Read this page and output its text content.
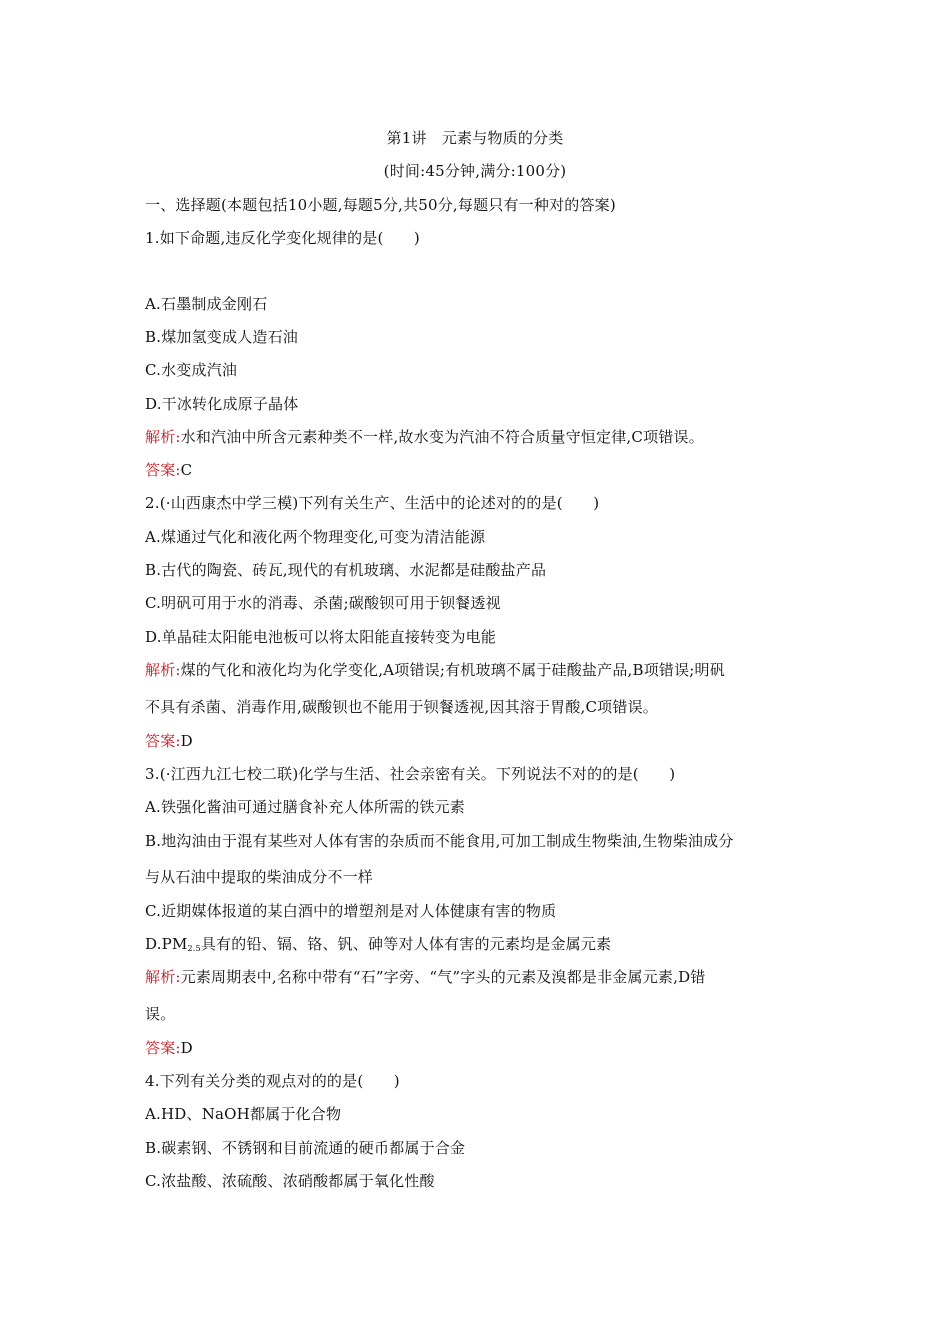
第1讲　元素与物质的分类
(时间:45分钟,满分:100分)
一、选择题(本题包括10小题,每题5分,共50分,每题只有一种对的答案)
1.如下命题,违反化学变化规律的是(　　)
A.石墨制成金刚石
B.煤加氢变成人造石油
C.水变成汽油
D.干冰转化成原子晶体
解析:水和汽油中所含元素种类不一样,故水变为汽油不符合质量守恒定律,C项错误。
答案:C
2.(·山西康杰中学三模)下列有关生产、生活中的论述对的的是(　　)
A.煤通过气化和液化两个物理变化,可变为清洁能源
B.古代的陶瓷、砖瓦,现代的有机玻璃、水泥都是硅酸盐产品
C.明矾可用于水的消毒、杀菌;碳酸钡可用于钡餐透视
D.单晶硅太阳能电池板可以将太阳能直接转变为电能
解析:煤的气化和液化均为化学变化,A项错误;有机玻璃不属于硅酸盐产品,B项错误;明矾
不具有杀菌、消毒作用,碳酸钡也不能用于钡餐透视,因其溶于胃酸,C项错误。
答案:D
3.(·江西九江七校二联)化学与生活、社会亲密有关。下列说法不对的的是(　　)
A.铁强化酱油可通过膳食补充人体所需的铁元素
B.地沟油由于混有某些对人体有害的杂质而不能食用,可加工制成生物柴油,生物柴油成分
与从石油中提取的柴油成分不一样
C.近期媒体报道的某白酒中的增塑剂是对人体健康有害的物质
$D.PM_{2.5}$具有的铅、镉、铬、钒、砷等对人体有害的元素均是金属元素
解析:元素周期表中,名称中带有“石”字旁、“气”字头的元素及溴都是非金属元素,D错
误。
答案:D
4.下列有关分类的观点对的的是(　　)
A.HD、NaOH都属于化合物
B.碳素钢、不锈钢和目前流通的硬币都属于合金
C.浓盐酸、浓硫酸、浓硝酸都属于氧化性酸
